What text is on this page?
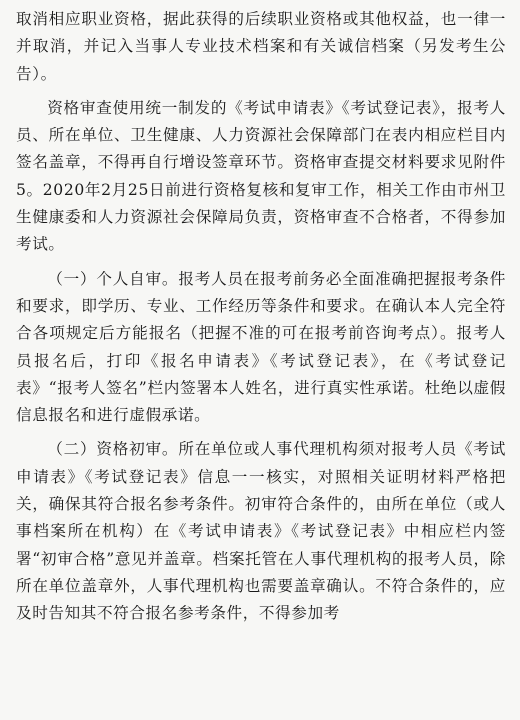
取消相应职业资格，据此获得的后续职业资格或其他权益，也一律一并取消，并记入当事人专业技术档案和有关诚信档案（另发考生公告）。

资格审查使用统一制发的《考试申请表》《考试登记表》，报考人员、所在单位、卫生健康、人力资源社会保障部门在表内相应栏目内签名盖章，不得再自行增设签章环节。资格审查提交材料要求见附件5。2020年2月25日前进行资格复核和复审工作，相关工作由市州卫生健康委和人力资源社会保障局负责，资格审查不合格者，不得参加考试。

（一）个人自审。报考人员在报考前务必全面准确把握报考条件和要求，即学历、专业、工作经历等条件和要求。在确认本人完全符合各项规定后方能报名（把握不准的可在报考前咨询考点）。报考人员报名后，打印《报名申请表》《考试登记表》，在《考试登记表》“报考人签名”栏内签署本人姓名，进行真实性承诺。杜绝以虚假信息报名和进行虚假承诺。

（二）资格初审。所在单位或人事代理机构须对报考人员《考试申请表》《考试登记表》信息一一核实，对照相关证明材料严格把关，确保其符合报名参考条件。初审符合条件的，由所在单位（或人事档案所在机构）在《考试申请表》《考试登记表》中相应栏内签署“初审合格”意见并盖章。档案托管在人事代理机构的报考人员，除所在单位盖章外，人事代理机构也需要盖章确认。不符合条件的，应及时告知其不符合报名参考条件，不得参加考
